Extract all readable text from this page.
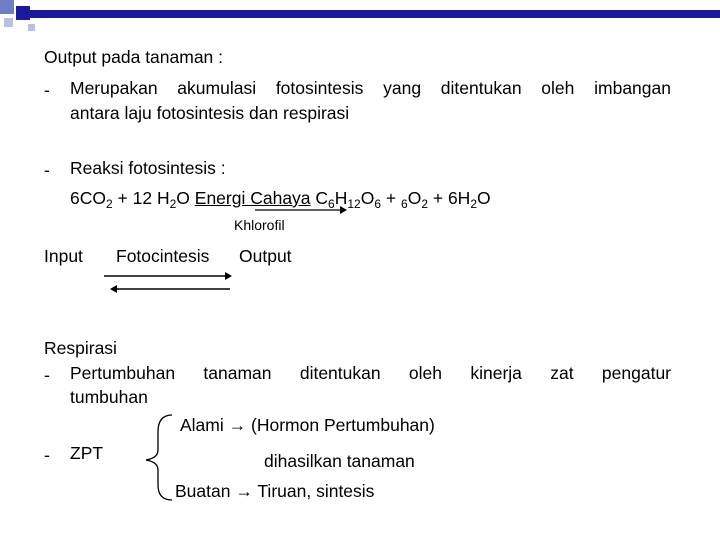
Output pada tanaman :
- Merupakan akumulasi fotosintesis yang ditentukan oleh imbangan
antara laju fotosintesis dan respirasi
- Reaksi fotosintesis :
$6CO_2 + 12$ $H_2O$ Energi Cahaya $C_6H_{12}O_6 + _6O_2 + 6H_2O$
Khlorofil
Input Fotocintesis Output
Respirasi
- Pertumbuhan tanaman ditentukan oleh kinerja zat pengatur
tumbuhan
Alami → (Hormon Pertumbuhan)
- ZPT	dihasilkan tanaman
Buatan → Tiruan, sintesis
